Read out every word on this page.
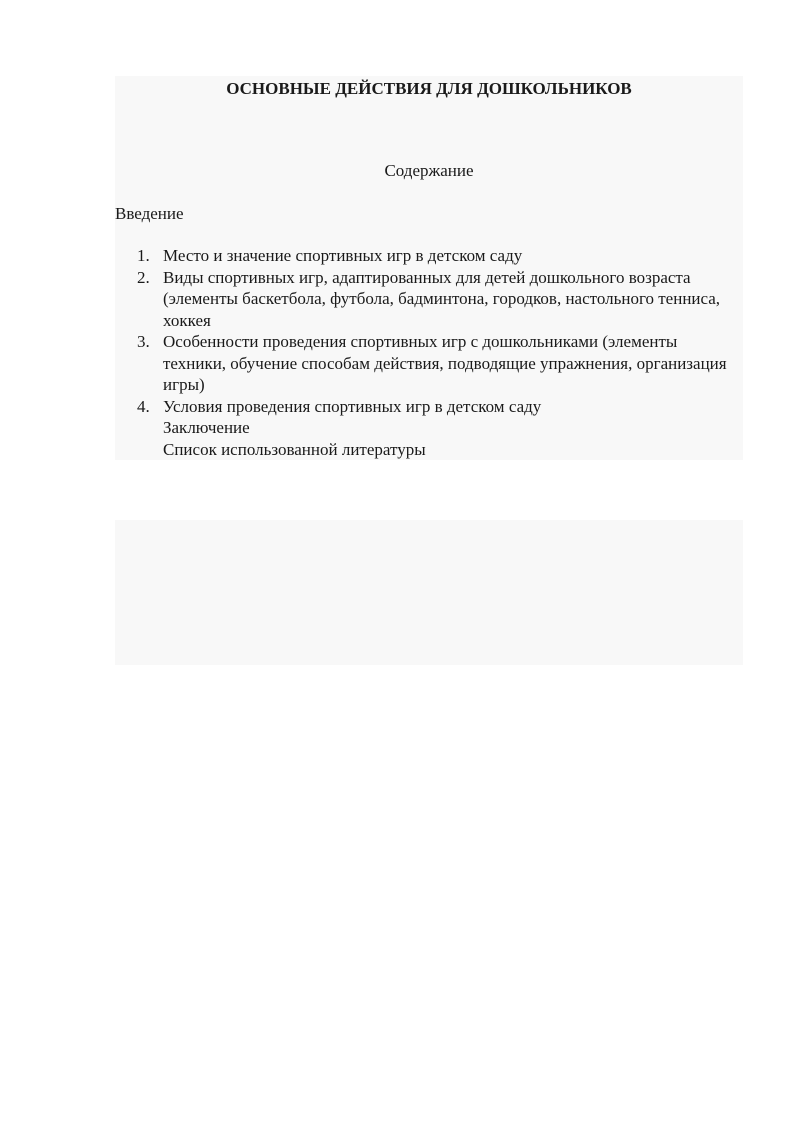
ОСНОВНЫЕ ДЕЙСТВИЯ ДЛЯ ДОШКОЛЬНИКОВ

Содержание

Введение

1. Место и значение спортивных игр в детском саду
2. Виды спортивных игр, адаптированных для детей дошкольного возраста (элементы баскетбола, футбола, бадминтона, городков, настольного тенниса, хоккея
3. Особенности проведения спортивных игр с дошкольниками (элементы техники, обучение способам действия, подводящие упражнения, организация игры)
4. Условия проведения спортивных игр в детском саду
Заключение
Список использованной литературы
